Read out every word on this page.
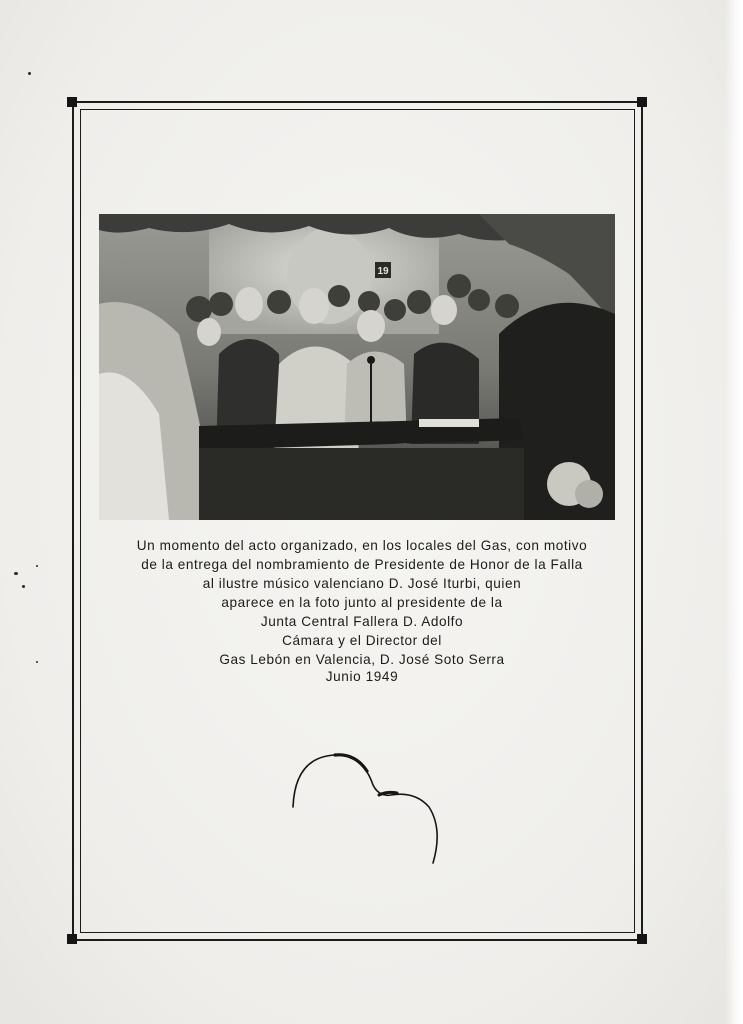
19
Un momento del acto organizado, en los locales del Gas, con motivo
de la entrega del nombramiento de Presidente de Honor de la Falla
al ilustre músico valenciano D. José Iturbi, quien
aparece en la foto junto al presidente de la
Junta Central Fallera D. Adolfo
Cámara y el Director del
Gas Lebón en Valencia, D. José Soto Serra
Junio 1949
